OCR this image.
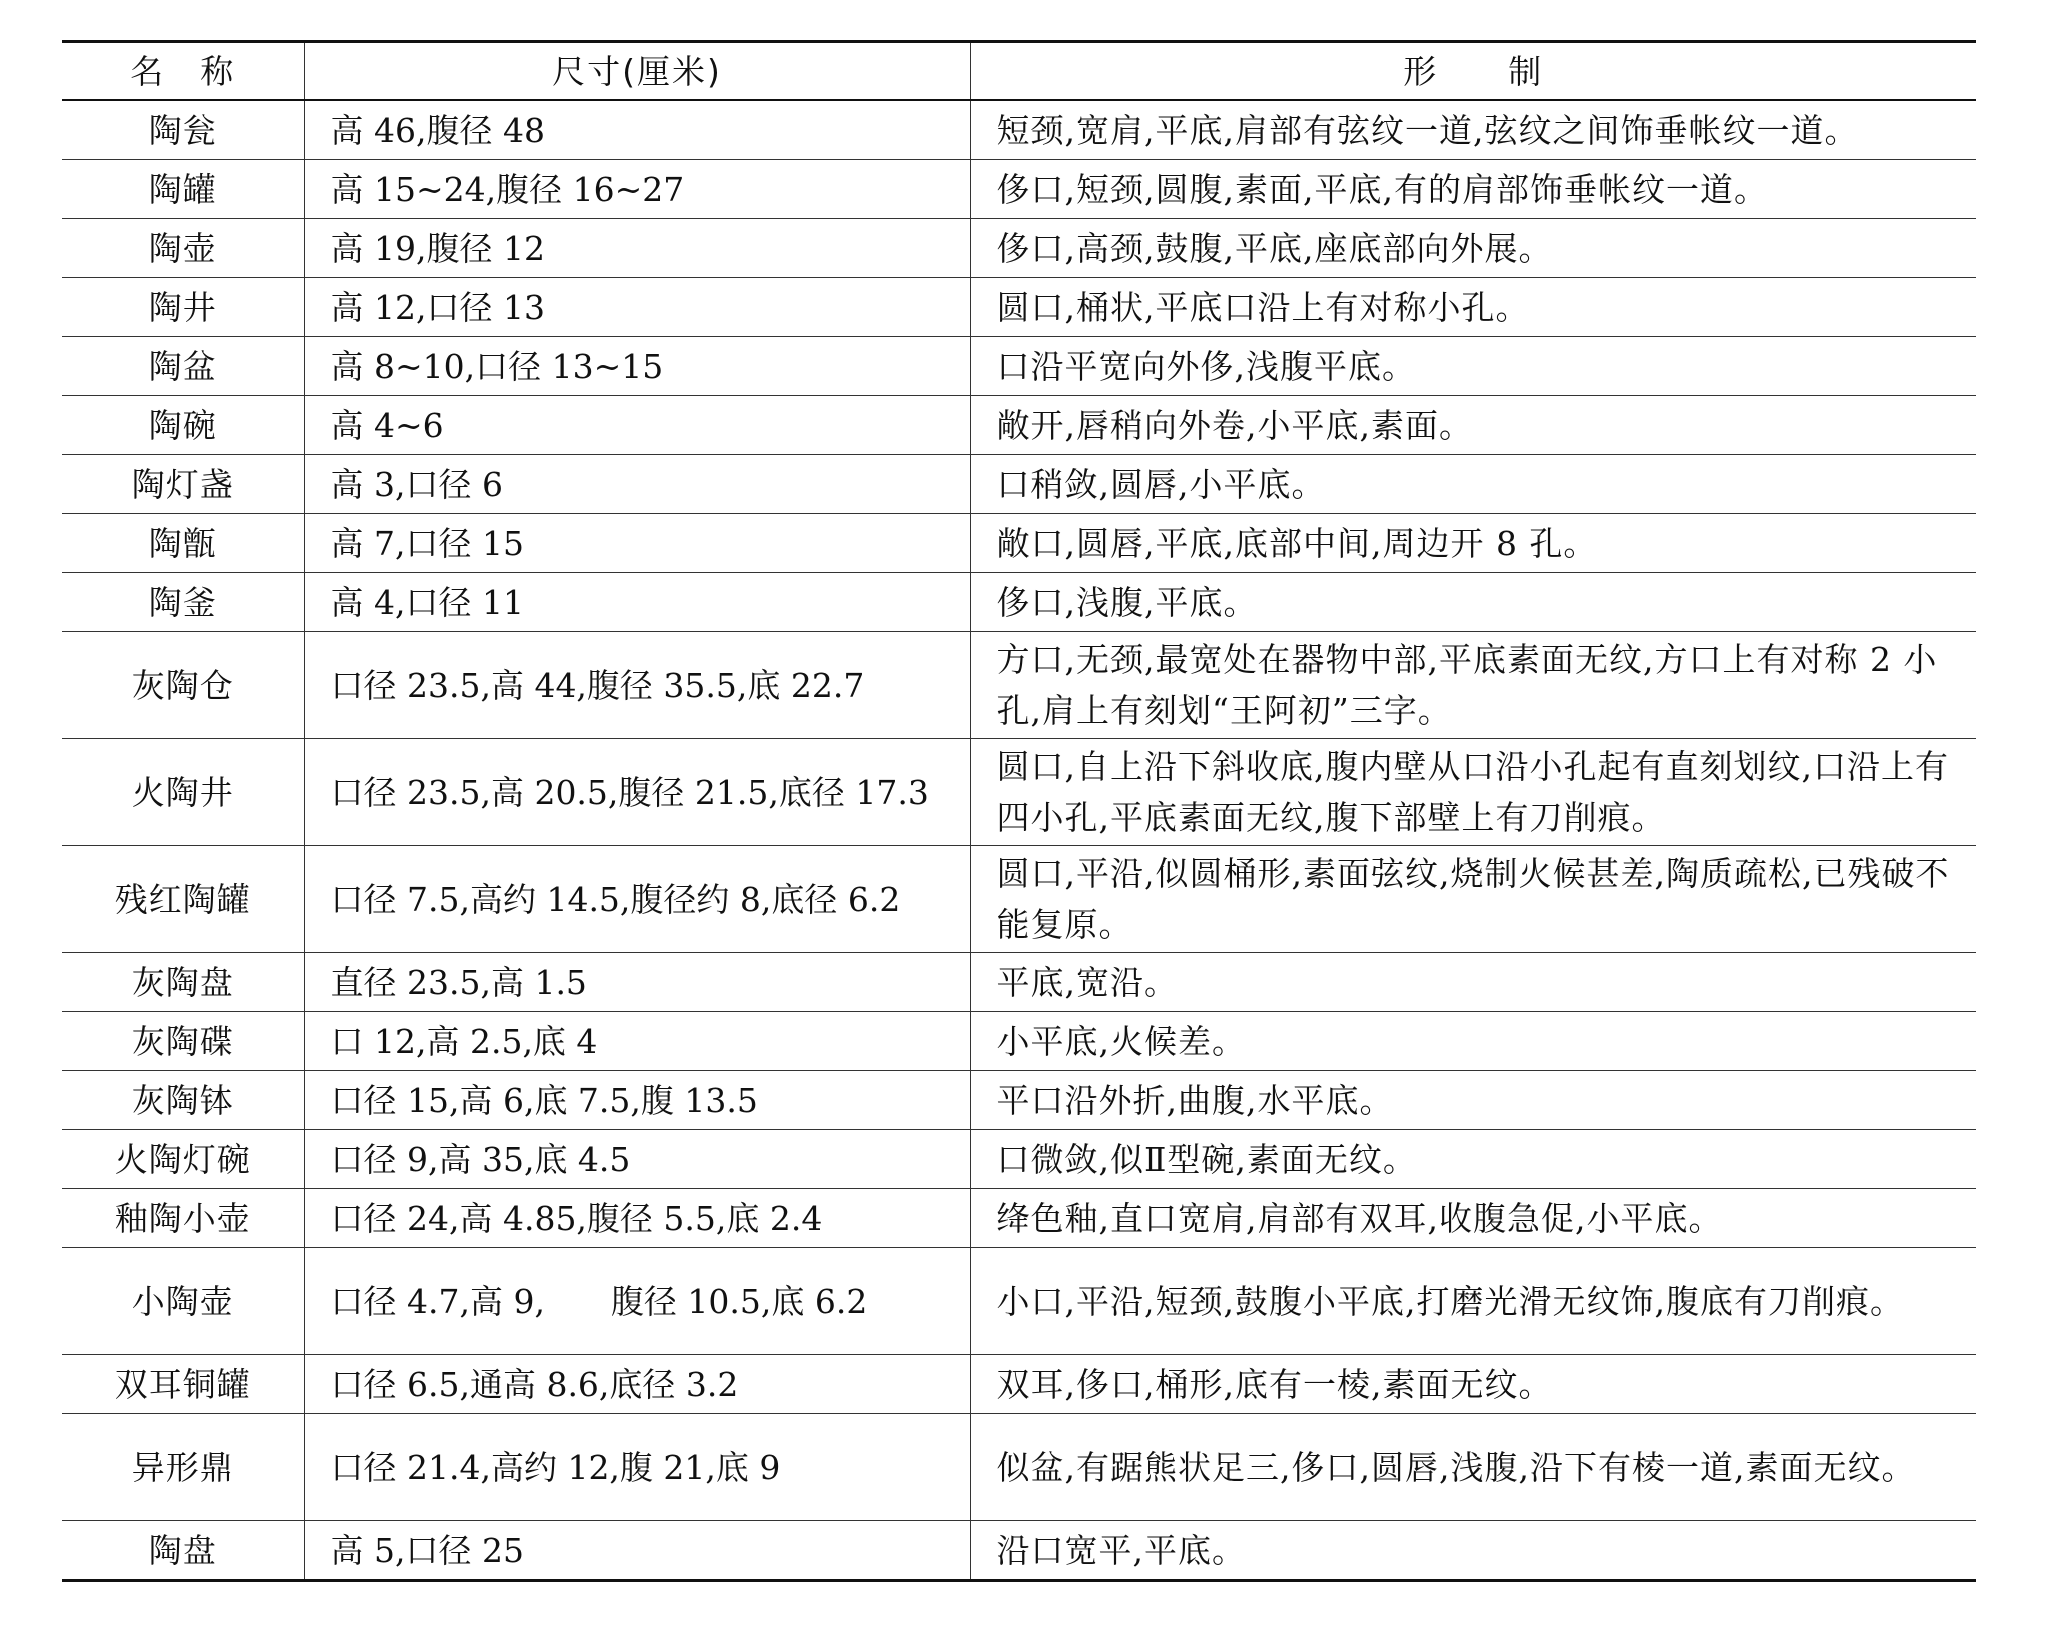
名　称	尺寸(厘米)	形　　制
陶瓮	高 46,腹径 48	短颈,宽肩,平底,肩部有弦纹一道,弦纹之间饰垂帐纹一道。
陶罐	高 15~24,腹径 16~27	侈口,短颈,圆腹,素面,平底,有的肩部饰垂帐纹一道。
陶壶	高 19,腹径 12	侈口,高颈,鼓腹,平底,座底部向外展。
陶井	高 12,口径 13	圆口,桶状,平底口沿上有对称小孔。
陶盆	高 8~10,口径 13~15	口沿平宽向外侈,浅腹平底。
陶碗	高 4~6	敞开,唇稍向外卷,小平底,素面。
陶灯盏	高 3,口径 6	口稍敛,圆唇,小平底。
陶甑	高 7,口径 15	敞口,圆唇,平底,底部中间,周边开 8 孔。
陶釜	高 4,口径 11	侈口,浅腹,平底。
灰陶仓	口径 23.5,高 44,腹径 35.5,底 22.7	方口,无颈,最宽处在器物中部,平底素面无纹,方口上有对称 2 小孔,肩上有刻划“王阿初”三字。
火陶井	口径 23.5,高 20.5,腹径 21.5,底径 17.3	圆口,自上沿下斜收底,腹内壁从口沿小孔起有直刻划纹,口沿上有四小孔,平底素面无纹,腹下部壁上有刀削痕。
残红陶罐	口径 7.5,高约 14.5,腹径约 8,底径 6.2	圆口,平沿,似圆桶形,素面弦纹,烧制火候甚差,陶质疏松,已残破不能复原。
灰陶盘	直径 23.5,高 1.5	平底,宽沿。
灰陶碟	口 12,高 2.5,底 4	小平底,火候差。
灰陶钵	口径 15,高 6,底 7.5,腹 13.5	平口沿外折,曲腹,水平底。
火陶灯碗	口径 9,高 35,底 4.5	口微敛,似Ⅱ型碗,素面无纹。
釉陶小壶	口径 24,高 4.85,腹径 5.5,底 2.4	绛色釉,直口宽肩,肩部有双耳,收腹急促,小平底。
小陶壶	口径 4.7,高 9,　　腹径 10.5,底 6.2	小口,平沿,短颈,鼓腹小平底,打磨光滑无纹饰,腹底有刀削痕。
双耳铜罐	口径 6.5,通高 8.6,底径 3.2	双耳,侈口,桶形,底有一棱,素面无纹。
异形鼎	口径 21.4,高约 12,腹 21,底 9	似盆,有踞熊状足三,侈口,圆唇,浅腹,沿下有棱一道,素面无纹。
陶盘	高 5,口径 25	沿口宽平,平底。
